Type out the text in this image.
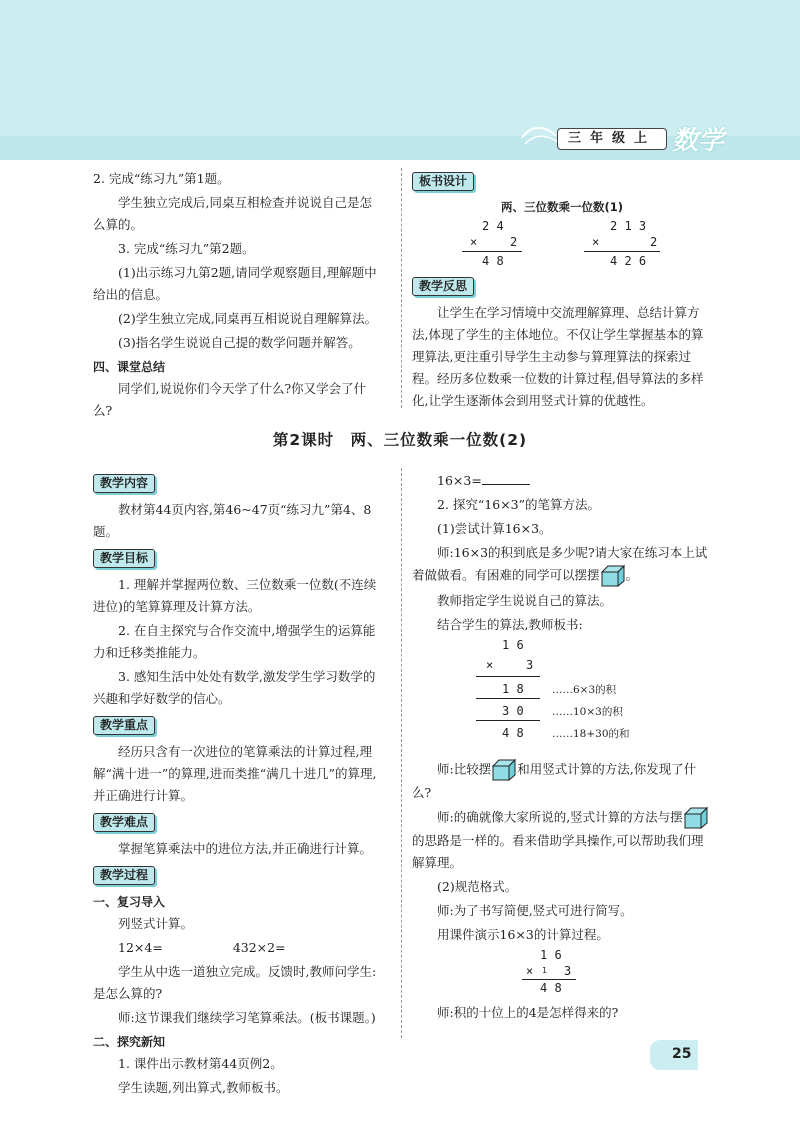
三年级上 数学
2. 完成“练习九”第1题。
学生独立完成后,同桌互相检查并说说自己是怎么算的。
3. 完成“练习九”第2题。
(1)出示练习九第2题,请同学观察题目,理解题中给出的信息。
(2)学生独立完成,同桌再互相说说自理解算法。
(3)指名学生说说自己提的数学问题并解答。
四、课堂总结
同学们,说说你们今天学了什么?你又学会了什么?
板书设计
两、三位数乘一位数(1)
2 4
×	2
4 8
2 1 3
×	2
4 2 6
教学反思
让学生在学习情境中交流理解算理、总结计算方法,体现了学生的主体地位。不仅让学生掌握基本的算理算法,更注重引导学生主动参与算理算法的探索过程。经历多位数乘一位数的计算过程,倡导算法的多样化,让学生逐渐体会到用竖式计算的优越性。
第2课时　两、三位数乘一位数(2)
教学内容
教材第44页内容,第46~47页“练习九”第4、8题。
教学目标
1. 理解并掌握两位数、三位数乘一位数(不连续进位)的笔算算理及计算方法。
2. 在自主探究与合作交流中,增强学生的运算能力和迁移类推能力。
3. 感知生活中处处有数学,激发学生学习数学的兴趣和学好数学的信心。
教学重点
经历只含有一次进位的笔算乘法的计算过程,理解“满十进一”的算理,进而类推“满几十进几”的算理,并正确进行计算。
教学难点
掌握笔算乘法中的进位方法,并正确进行计算。
教学过程
一、复习导入
列竖式计算。
12×4=	432×2=
学生从中选一道独立完成。反馈时,教师问学生:是怎么算的?
师:这节课我们继续学习笔算乘法。(板书课题。)
二、探究新知
1. 课件出示教材第44页例2。
学生读题,列出算式,教师板书。
16×3=
2. 探究“16×3”的笔算方法。
(1)尝试计算16×3。
师:16×3的积到底是多少呢?请大家在练习本上试着做做看。有困难的同学可以摆摆 。
教师指定学生说说自己的算法。
结合学生的算法,教师板书:
1 6
×	3
1 8	……6×3的积
3 0	……10×3的积
4 8	……18+30的和
师:比较摆 和用竖式计算的方法,你发现了什么?
师:的确就像大家所说的,竖式计算的方法与摆的思路是一样的。看来借助学具操作,可以帮助我们理解算理。
(2)规范格式。
师:为了书写简便,竖式可进行简写。
用课件演示16×3的计算过程。
1 6
× 1 3
4 8
师:积的十位上的4是怎样得来的?
25
